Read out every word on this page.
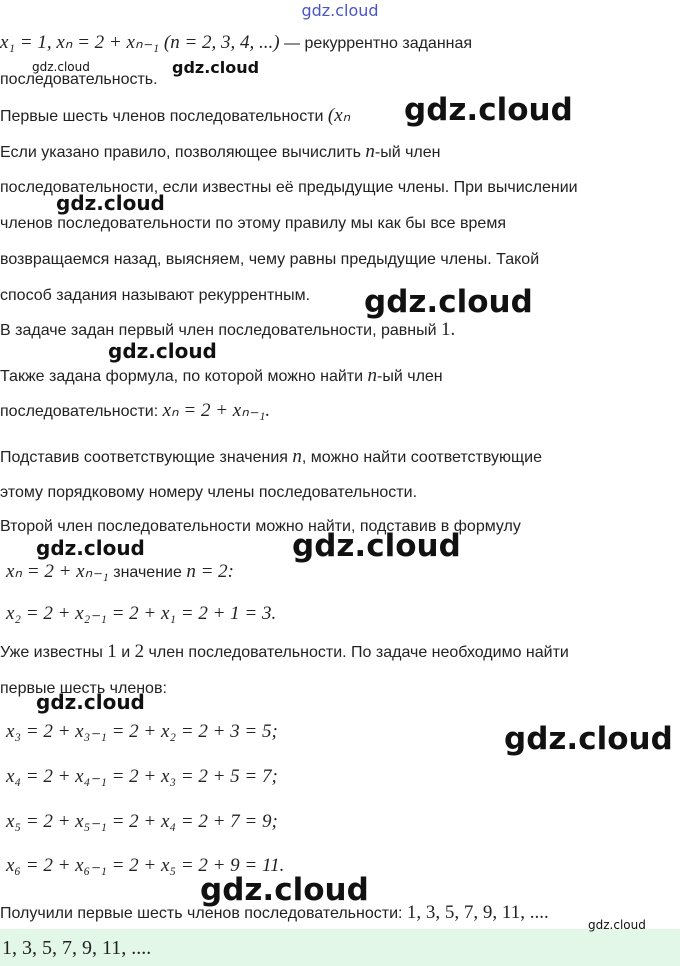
gdz.cloud
x₁ = 1, xₙ = 2 + xₙ₋₁ (n = 2, 3, 4, ...) — рекуррентно заданная
последовательность.
Первые шесть членов последовательности (xₙ
Если указано правило, позволяющее вычислить n-ый член
последовательности, если известны её предыдущие члены. При вычислении
членов последовательности по этому правилу мы как бы все время
возвращаемся назад, выясняем, чему равны предыдущие члены. Такой
способ задания называют рекуррентным.
В задаче задан первый член последовательности, равный 1.
Также задана формула, по которой можно найти n-ый член
последовательности: xₙ = 2 + xₙ₋₁.
Подставив соответствующие значения n, можно найти соответствующие
этому порядковому номеру члены последовательности.
Второй член последовательности можно найти, подставив в формулу
xₙ = 2 + xₙ₋₁ значение n = 2:
x₂ = 2 + x₂₋₁ = 2 + x₁ = 2 + 1 = 3.
Уже известны 1 и 2 член последовательности. По задаче необходимо найти
первые шесть членов:
x₃ = 2 + x₃₋₁ = 2 + x₂ = 2 + 3 = 5;
x₄ = 2 + x₄₋₁ = 2 + x₃ = 2 + 5 = 7;
x₅ = 2 + x₅₋₁ = 2 + x₄ = 2 + 7 = 9;
x₆ = 2 + x₆₋₁ = 2 + x₅ = 2 + 9 = 11.
Получили первые шесть членов последовательности: 1, 3, 5, 7, 9, 11, ....
1, 3, 5, 7, 9, 11, ....
gdz.cloud	gdz.cloud
gdz.cloud
gdz.cloud
gdz.cloud
gdz.cloud
gdz.cloud	gdz.cloud
gdz.cloud
gdz.cloud
gdz.cloud
gdz.cloud
